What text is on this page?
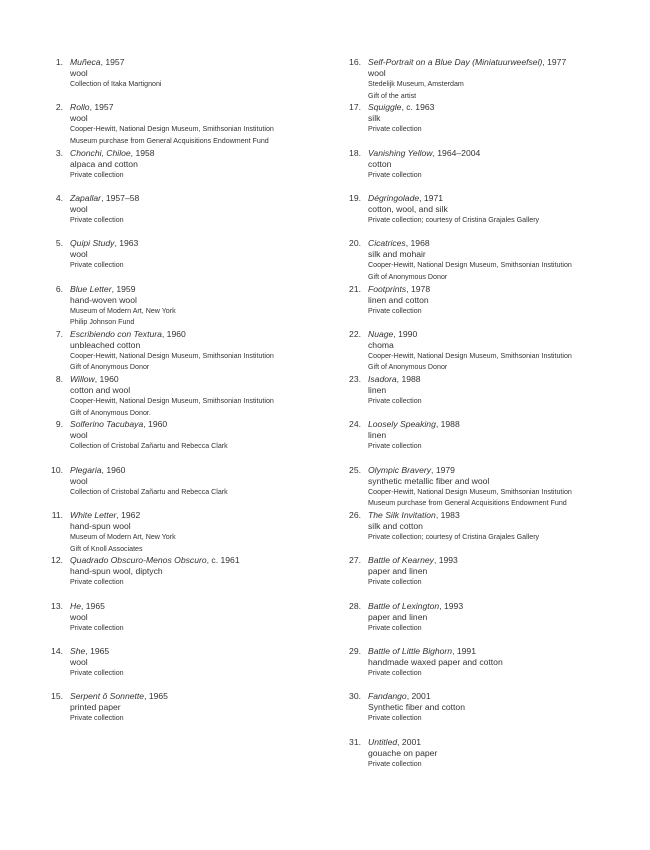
1. Muñeca, 1957
wool
Collection of Itaka Martignoni
2. Rollo, 1957
wool
Cooper-Hewitt, National Design Museum, Smithsonian Institution
Museum purchase from General Acquisitions Endowment Fund
3. Chonchi, Chiloe, 1958
alpaca and cotton
Private collection
4. Zapallar, 1957–58
wool
Private collection
5. Quipi Study, 1963
wool
Private collection
6. Blue Letter, 1959
hand-woven wool
Museum of Modern Art, New York
Philip Johnson Fund
7. Escribiendo con Textura, 1960
unbleached cotton
Cooper-Hewitt, National Design Museum, Smithsonian Institution
Gift of Anonymous Donor
8. Willow, 1960
cotton and wool
Cooper-Hewitt, National Design Museum, Smithsonian Institution
Gift of Anonymous Donor.
9. Solferino Tacubaya, 1960
wool
Collection of Cristobal Zañartu and Rebecca Clark
10. Plegaria, 1960
wool
Collection of Cristobal Zañartu and Rebecca Clark
11. White Letter, 1962
hand-spun wool
Museum of Modern Art, New York
Gift of Knoll Associates
12. Quadrado Obscuro-Menos Obscuro, c. 1961
hand-spun wool, diptych
Private collection
13. He, 1965
wool
Private collection
14. She, 1965
wool
Private collection
15. Serpent ô Sonnette, 1965
printed paper
Private collection
16. Self-Portrait on a Blue Day (Miniatuurweefsel), 1977
wool
Stedelijk Museum, Amsterdam
Gift of the artist
17. Squiggle, c. 1963
silk
Private collection
18. Vanishing Yellow, 1964–2004
cotton
Private collection
19. Dégringolade, 1971
cotton, wool, and silk
Private collection; courtesy of Cristina Grajales Gallery
20. Cicatrices, 1968
silk and mohair
Cooper-Hewitt, National Design Museum, Smithsonian Institution
Gift of Anonymous Donor
21. Footprints, 1978
linen and cotton
Private collection
22. Nuage, 1990
choma
Cooper-Hewitt, National Design Museum, Smithsonian Institution
Gift of Anonymous Donor
23. Isadora, 1988
linen
Private collection
24. Loosely Speaking, 1988
linen
Private collection
25. Olympic Bravery, 1979
synthetic metallic fiber and wool
Cooper-Hewitt, National Design Museum, Smithsonian Institution
Museum purchase from General Acquisitions Endowment Fund
26. The Silk Invitation, 1983
silk and cotton
Private collection; courtesy of Cristina Grajales Gallery
27. Battle of Kearney, 1993
paper and linen
Private collection
28. Battle of Lexington, 1993
paper and linen
Private collection
29. Battle of Little Bighorn, 1991
handmade waxed paper and cotton
Private collection
30. Fandango, 2001
Synthetic fiber and cotton
Private collection
31. Untitled, 2001
gouache on paper
Private collection
